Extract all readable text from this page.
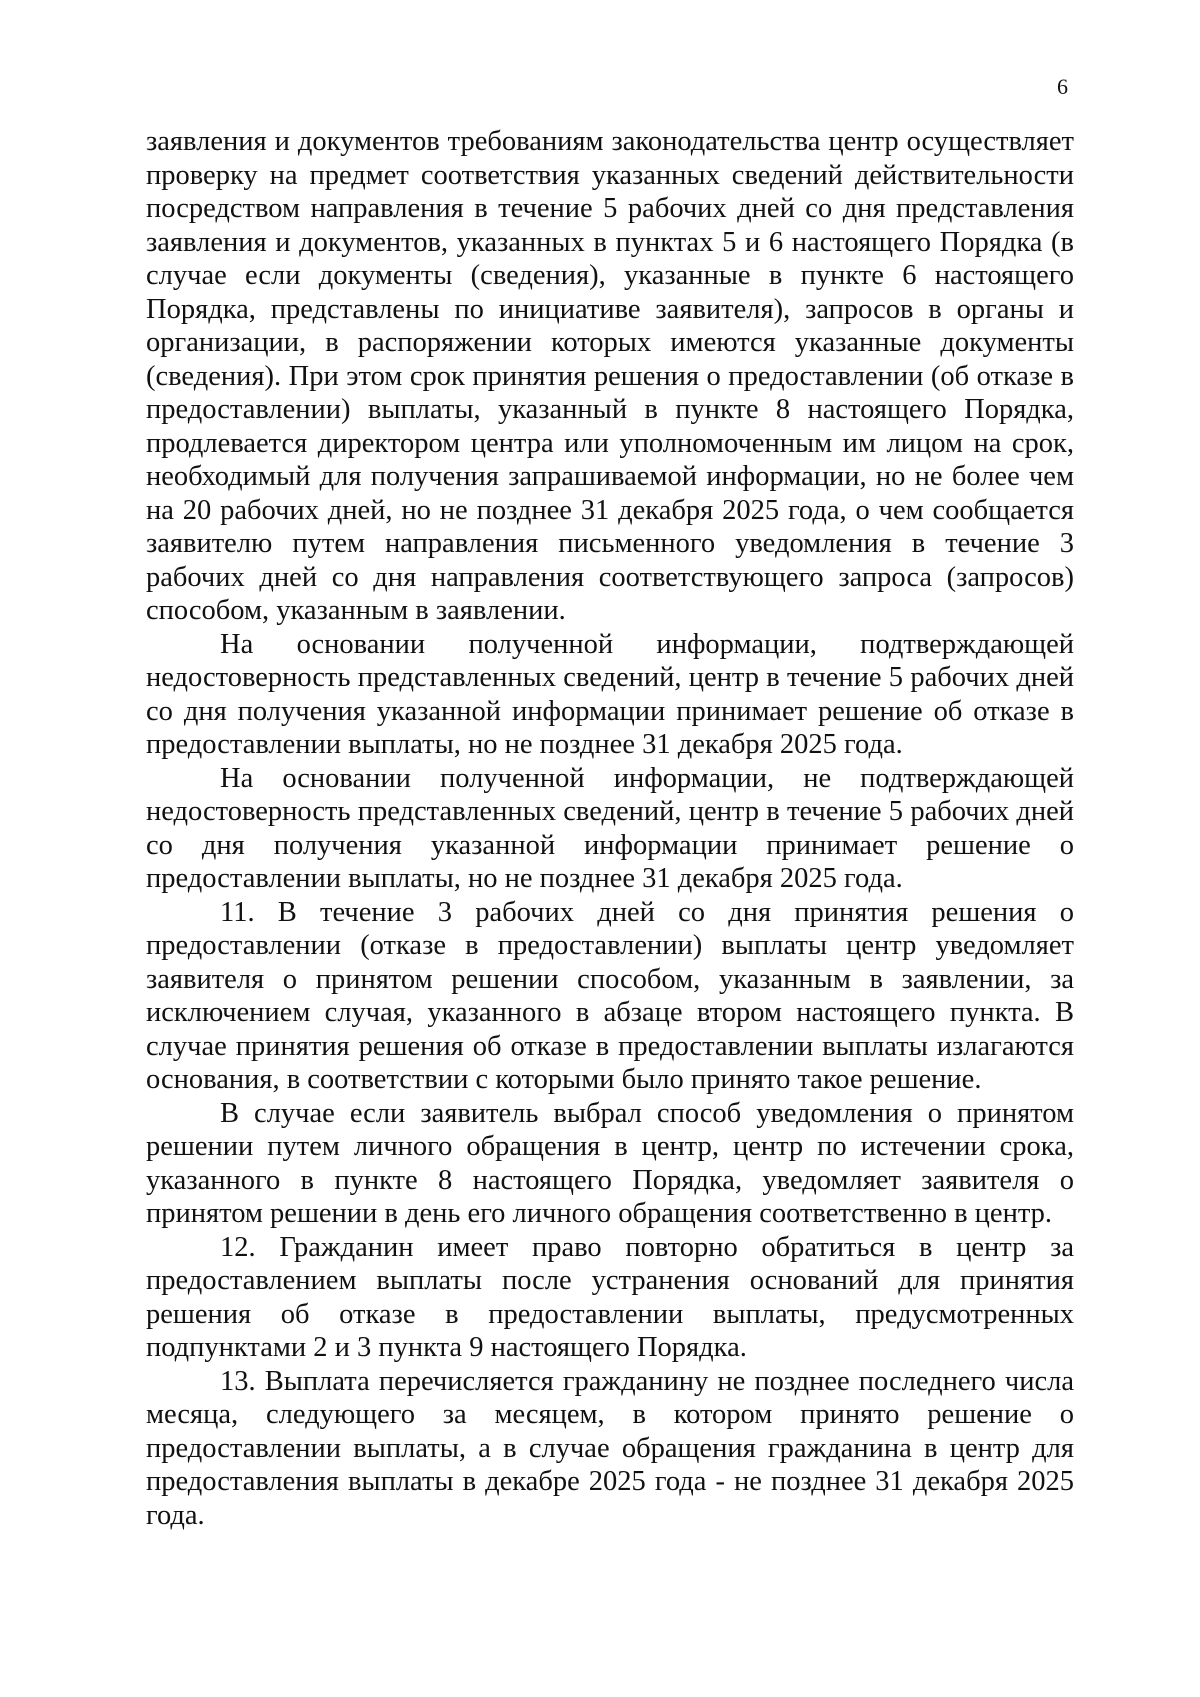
6

заявления и документов требованиям законодательства центр осуществляет проверку на предмет соответствия указанных сведений действительности посредством направления в течение 5 рабочих дней со дня представления заявления и документов, указанных в пунктах 5 и 6 настоящего Порядка (в случае если документы (сведения), указанные в пункте 6 настоящего Порядка, представлены по инициативе заявителя), запросов в органы и организации, в распоряжении которых имеются указанные документы (сведения). При этом срок принятия решения о предоставлении (об отказе в предоставлении) выплаты, указанный в пункте 8 настоящего Порядка, продлевается директором центра или уполномоченным им лицом на срок, необходимый для получения запрашиваемой информации, но не более чем на 20 рабочих дней, но не позднее 31 декабря 2025 года, о чем сообщается заявителю путем направления письменного уведомления в течение 3 рабочих дней со дня направления соответствующего запроса (запросов) способом, указанным в заявлении.

На основании полученной информации, подтверждающей недостоверность представленных сведений, центр в течение 5 рабочих дней со дня получения указанной информации принимает решение об отказе в предоставлении выплаты, но не позднее 31 декабря 2025 года.

На основании полученной информации, не подтверждающей недостоверность представленных сведений, центр в течение 5 рабочих дней со дня получения указанной информации принимает решение о предоставлении выплаты, но не позднее 31 декабря 2025 года.

11. В течение 3 рабочих дней со дня принятия решения о предоставлении (отказе в предоставлении) выплаты центр уведомляет заявителя о принятом решении способом, указанным в заявлении, за исключением случая, указанного в абзаце втором настоящего пункта. В случае принятия решения об отказе в предоставлении выплаты излагаются основания, в соответствии с которыми было принято такое решение.

В случае если заявитель выбрал способ уведомления о принятом решении путем личного обращения в центр, центр по истечении срока, указанного в пункте 8 настоящего Порядка, уведомляет заявителя о принятом решении в день его личного обращения соответственно в центр.

12. Гражданин имеет право повторно обратиться в центр за предоставлением выплаты после устранения оснований для принятия решения об отказе в предоставлении выплаты, предусмотренных подпунктами 2 и 3 пункта 9 настоящего Порядка.

13. Выплата перечисляется гражданину не позднее последнего числа месяца, следующего за месяцем, в котором принято решение о предоставлении выплаты, а в случае обращения гражданина в центр для предоставления выплаты в декабре 2025 года - не позднее 31 декабря 2025 года.
